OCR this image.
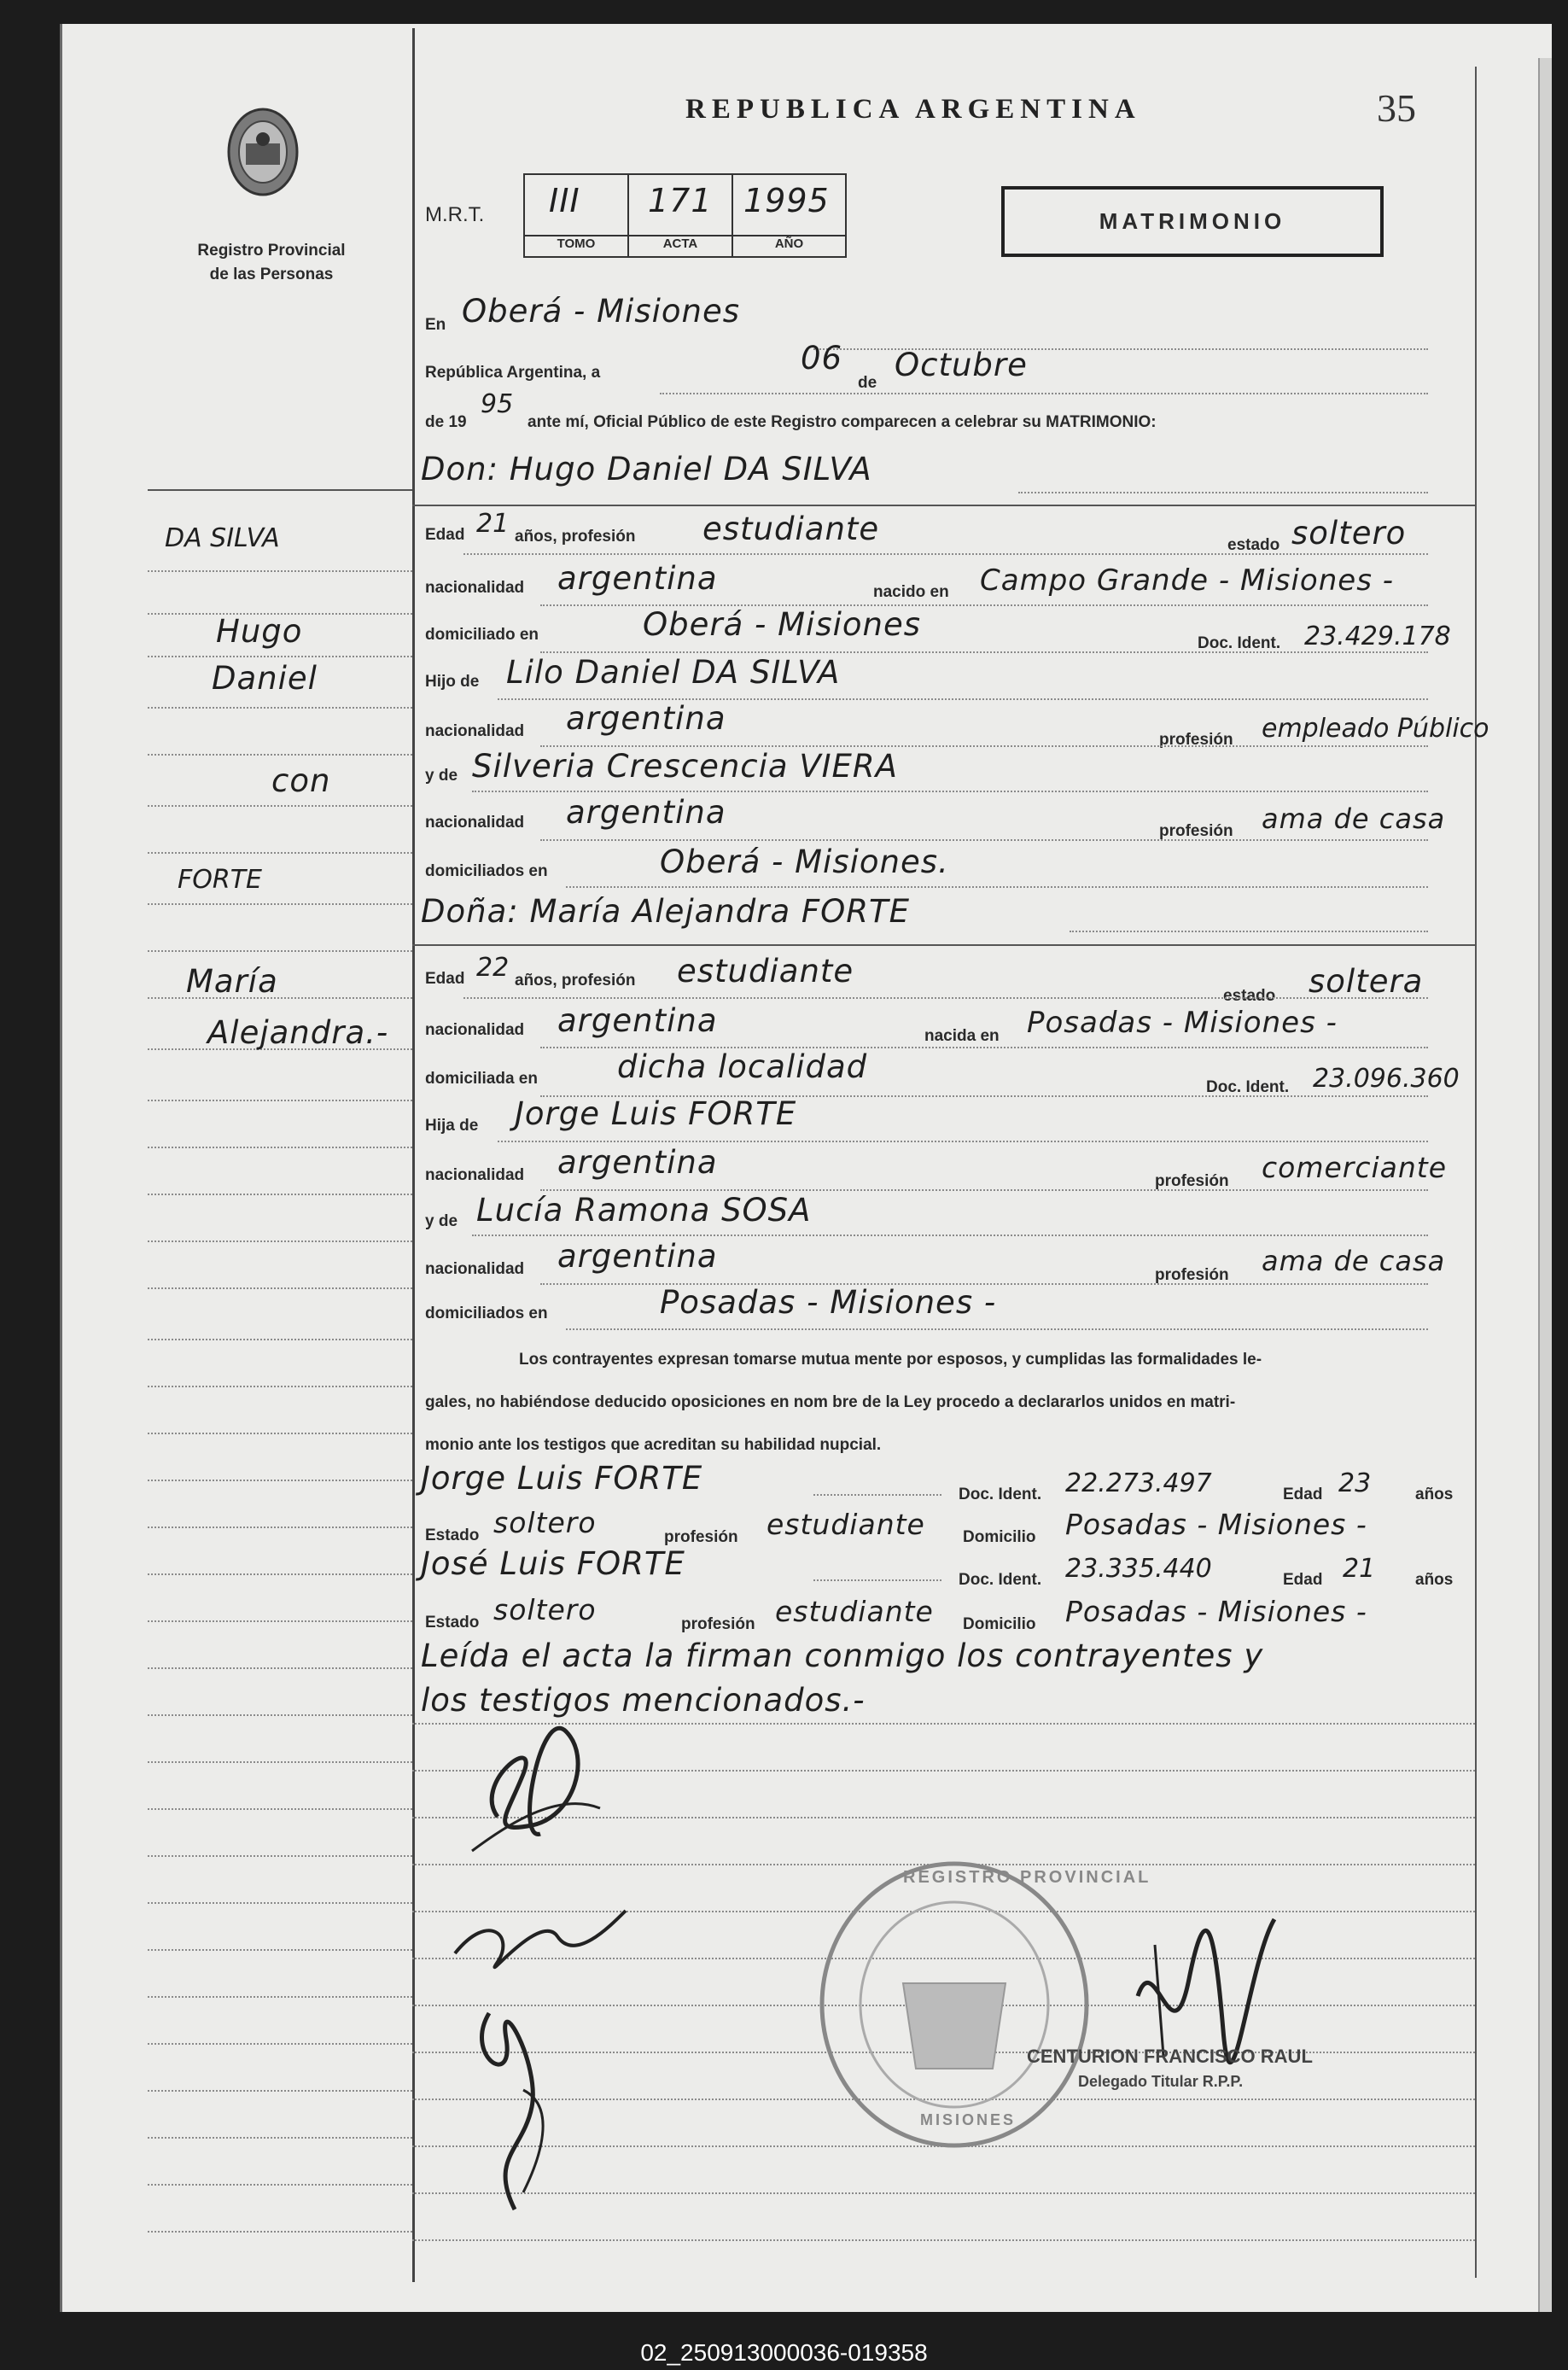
Registro Provincial
de las Personas
REPUBLICA ARGENTINA	35
M.R.T. III
TOMO
171
ACTA
1995
AÑO
MATRIMONIO
En Oberá - Misiones
República Argentina, a	06
de Octubre
de 19
95
ante mí, Oficial Público de este Registro comparecen a celebrar su MATRIMONIO:
Don: Hugo Daniel DA SILVA
Edad 21 años, profesión estudiante	estado soltero
nacionalidad argentina	nacido en Campo Grande - Misiones -
domiciliado en	Oberá - Misiones
Doc. Ident. 23.429.178
Hijo de Lilo Daniel DA SILVA
nacionalidad argentina
profesión empleado Público
y de Silveria Crescencia VIERA
nacionalidad argentina
profesión ama de casa
domiciliados en	Oberá - Misiones.
Doña: María Alejandra FORTE
Edad 22 años, profesión estudiante
estado soltera
nacionalidad argentina	nacida en Posadas - Misiones -
domiciliada en	dicha localidad
Doc. Ident. 23.096.360
Hija de Jorge Luis FORTE
nacionalidad argentina
profesión comerciante
y de Lucía Ramona SOSA
nacionalidad argentina
profesión ama de casa
domiciliados en	Posadas - Misiones -
Los contrayentes expresan tomarse mutua mente por esposos, y cumplidas las formalidades le-
gales, no habiéndose deducido oposiciones en nom bre de la Ley procedo a declararlos unidos en matri-
monio ante los testigos que acreditan su habilidad nupcial.
Jorge Luis FORTE	Doc. Ident. 22.273.497	Edad 23	años
Estado soltero	profesión estudiante Domicilio Posadas - Misiones -
José Luis FORTE	Doc. Ident. 23.335.440	Edad 21 años
Estado soltero	profesión estudiante Domicilio Posadas - Misiones -
Leída el acta la firman conmigo los contrayentes y
los testigos mencionados.-
DA SILVA
Hugo
Daniel
con
FORTE
María
Alejandra.-
REGISTRO PROVINCIAL
MISIONES
CENTURION FRANCISCO RAUL
Delegado Titular R.P.P.
02_250913000036-019358
